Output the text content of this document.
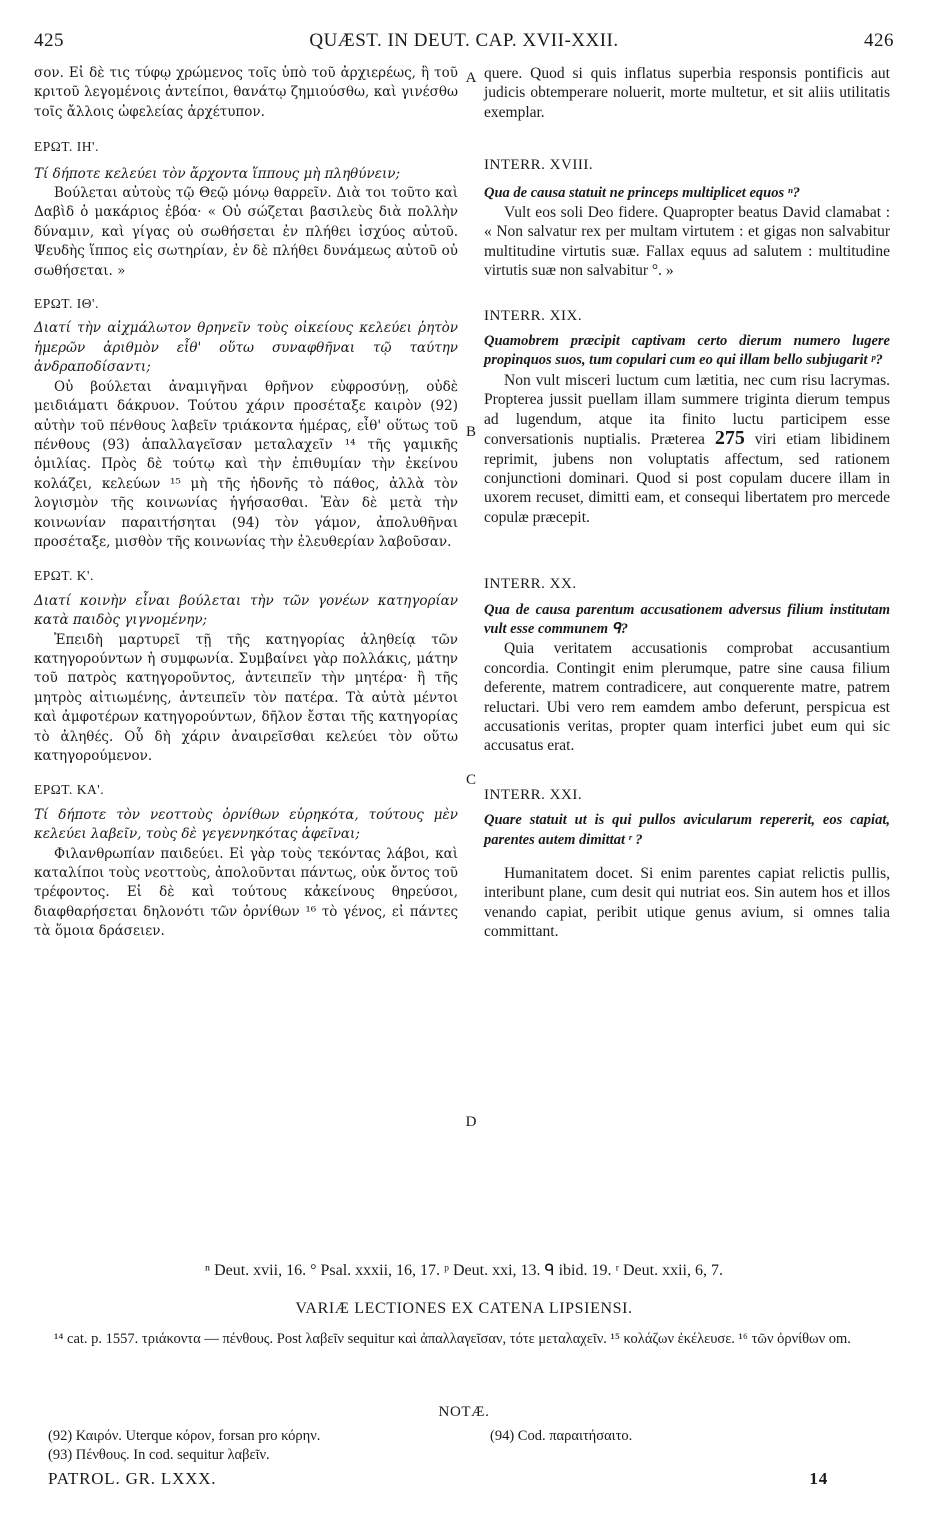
425	QUÆST. IN DEUT. CAP. XVII-XXII.	426

σον. Εἰ δὲ τις τύφῳ χρώμενος τοῖς ὑπὸ τοῦ ἀρχιερέως, ἢ τοῦ κριτοῦ λεγομένοις ἀντείποι, θανάτῳ ζημιούσθω, καὶ γινέσθω τοῖς ἄλλοις ὠφελείας ἀρχέτυπον.

ΕΡΩΤ. ΙΗ'.

Τί δήποτε κελεύει τὸν ἄρχοντα ἵππους μὴ πληθύνειν;

Βούλεται αὐτοὺς τῷ Θεῷ μόνῳ θαρρεῖν. Διὰ τοι τοῦτο καὶ Δαβὶδ ὁ μακάριος ἐβόα· « Οὐ σώζεται βασιλεὺς διὰ πολλὴν δύναμιν, καὶ γίγας οὐ σωθήσεται ἐν πλήθει ἰσχύος αὐτοῦ. Ψευδὴς ἵππος εἰς σωτηρίαν, ἐν δὲ πλήθει δυνάμεως αὐτοῦ οὐ σωθήσεται. »

ΕΡΩΤ. ΙΘ'.

Διατί τὴν αἰχμάλωτον θρηνεῖν τοὺς οἰκείους κελεύει ῥητὸν ἡμερῶν ἀριθμὸν εἶθ' οὕτω συναφθῆναι τῷ ταύτην ἀνδραποδίσαντι;

Οὐ βούλεται ἀναμιγῆναι θρῆνον εὐφροσύνῃ, οὐδὲ μειδιάματι δάκρυον. Τούτου χάριν προσέταξε καιρὸν (92) αὐτὴν τοῦ πένθους λαβεῖν τριάκοντα ἡμέρας, εἶθ' οὕτως τοῦ πένθους (93) ἀπαλλαγεῖσαν μεταλαχεῖν ¹⁴ τῆς γαμικῆς ὁμιλίας. Πρὸς δὲ τούτῳ καὶ τὴν ἐπιθυμίαν τὴν ἐκείνου κολάζει, κελεύων ¹⁵ μὴ τῆς ἡδονῆς τὸ πάθος, ἀλλὰ τὸν λογισμὸν τῆς κοινωνίας ἡγήσασθαι. Ἐὰν δὲ μετὰ τὴν κοινωνίαν παραιτήσηται (94) τὸν γάμον, ἀπολυθῆναι προσέταξε, μισθὸν τῆς κοινωνίας τὴν ἐλευθερίαν λαβοῦσαν.

ΕΡΩΤ. Κ'.

Διατί κοινὴν εἶναι βούλεται τὴν τῶν γονέων κατηγορίαν κατὰ παιδὸς γιγνομένην;

Ἐπειδὴ μαρτυρεῖ τῇ τῆς κατηγορίας ἀληθείᾳ τῶν κατηγορούντων ἡ συμφωνία. Συμβαίνει γὰρ πολλάκις, μάτην τοῦ πατρὸς κατηγοροῦντος, ἀντειπεῖν τὴν μητέρα· ἢ τῆς μητρὸς αἰτιωμένης, ἀντειπεῖν τὸν πατέρα. Τὰ αὐτὰ μέντοι καὶ ἀμφοτέρων κατηγορούντων, δῆλον ἔσται τῆς κατηγορίας τὸ ἀληθές. Οὗ δὴ χάριν ἀναιρεῖσθαι κελεύει τὸν οὕτω κατηγορούμενον.

ΕΡΩΤ. ΚΑ'.

Τί δήποτε τὸν νεοττοὺς ὀρνίθων εὑρηκότα, τούτους μὲν κελεύει λαβεῖν, τοὺς δὲ γεγεννηκότας ἀφεῖναι;

Φιλανθρωπίαν παιδεύει. Εἰ γὰρ τοὺς τεκόντας λάβοι, καὶ καταλίποι τοὺς νεοττοὺς, ἀπολοῦνται πάντως, οὐκ ὄντος τοῦ τρέφοντος. Εἰ δὲ καὶ τούτους κἀκείνους θηρεύσοι, διαφθαρήσεται δηλονότι τῶν ὀρνίθων ¹⁶ τὸ γένος, εἰ πάντες τὰ ὅμοια δράσειεν.

A
B
C
D

quere. Quod si quis inflatus superbia responsis pontificis aut judicis obtemperare noluerit, morte multetur, et sit aliis utilitatis exemplar.

INTERR. XVIII.

Qua de causa statuit ne princeps multiplicet equos ⁿ?

Vult eos soli Deo fidere. Quapropter beatus David clamabat : « Non salvatur rex per multam virtutem : et gigas non salvabitur multitudine virtutis suæ. Fallax equus ad salutem : multitudine virtutis suæ non salvabitur °. »

INTERR. XIX.

Quamobrem præcipit captivam certo dierum numero lugere propinquos suos, tum copulari cum eo qui illam bello subjugarit ᵖ?

Non vult misceri luctum cum lætitia, nec cum risu lacrymas. Propterea jussit puellam illam summere triginta dierum tempus ad lugendum, atque ita finito luctu participem esse conversationis nuptialis. Præterea 275 viri etiam libidinem reprimit, jubens non voluptatis affectum, sed rationem conjunctioni dominari. Quod si post copulam ducere illam in uxorem recuset, dimitti eam, et consequi libertatem pro mercede copulæ præcepit.

INTERR. XX.

Qua de causa parentum accusationem adversus filium institutam vult esse communem ᑫ?

Quia veritatem accusationis comprobat accusantium concordia. Contingit enim plerumque, patre sine causa filium deferente, matrem contradicere, aut conquerente matre, patrem reluctari. Ubi vero rem eamdem ambo deferunt, perspicua est accusationis veritas, propter quam interfici jubet eum qui sic accusatus erat.

INTERR. XXI.

Quare statuit ut is qui pullos avicularum repererit, eos capiat, parentes autem dimittat ʳ ?

Humanitatem docet. Si enim parentes capiat relictis pullis, interibunt plane, cum desit qui nutriat eos. Sin autem hos et illos venando capiat, peribit utique genus avium, si omnes talia committant.

ⁿ Deut. xvii, 16. ° Psal. xxxii, 16, 17. ᵖ Deut. xxi, 13. ᑫ ibid. 19. ʳ Deut. xxii, 6, 7.
VARIÆ LECTIONES EX CATENA LIPSIENSI.
¹⁴ cat. p. 1557. τριάκοντα — πένθους. Post λαβεῖν sequitur καὶ ἀπαλλαγεῖσαν, τότε μεταλαχεῖν. ¹⁵ κολάζων ἐκέλευσε. ¹⁶ τῶν ὀρνίθων om.
NOTÆ.
(92) Καιρόν. Uterque κόρον, forsan pro κόρην.
(93) Πένθους. In cod. sequitur λαβεῖν.
(94) Cod. παραιτήσαιτο.
PATROL. GR. LXXX.	14
